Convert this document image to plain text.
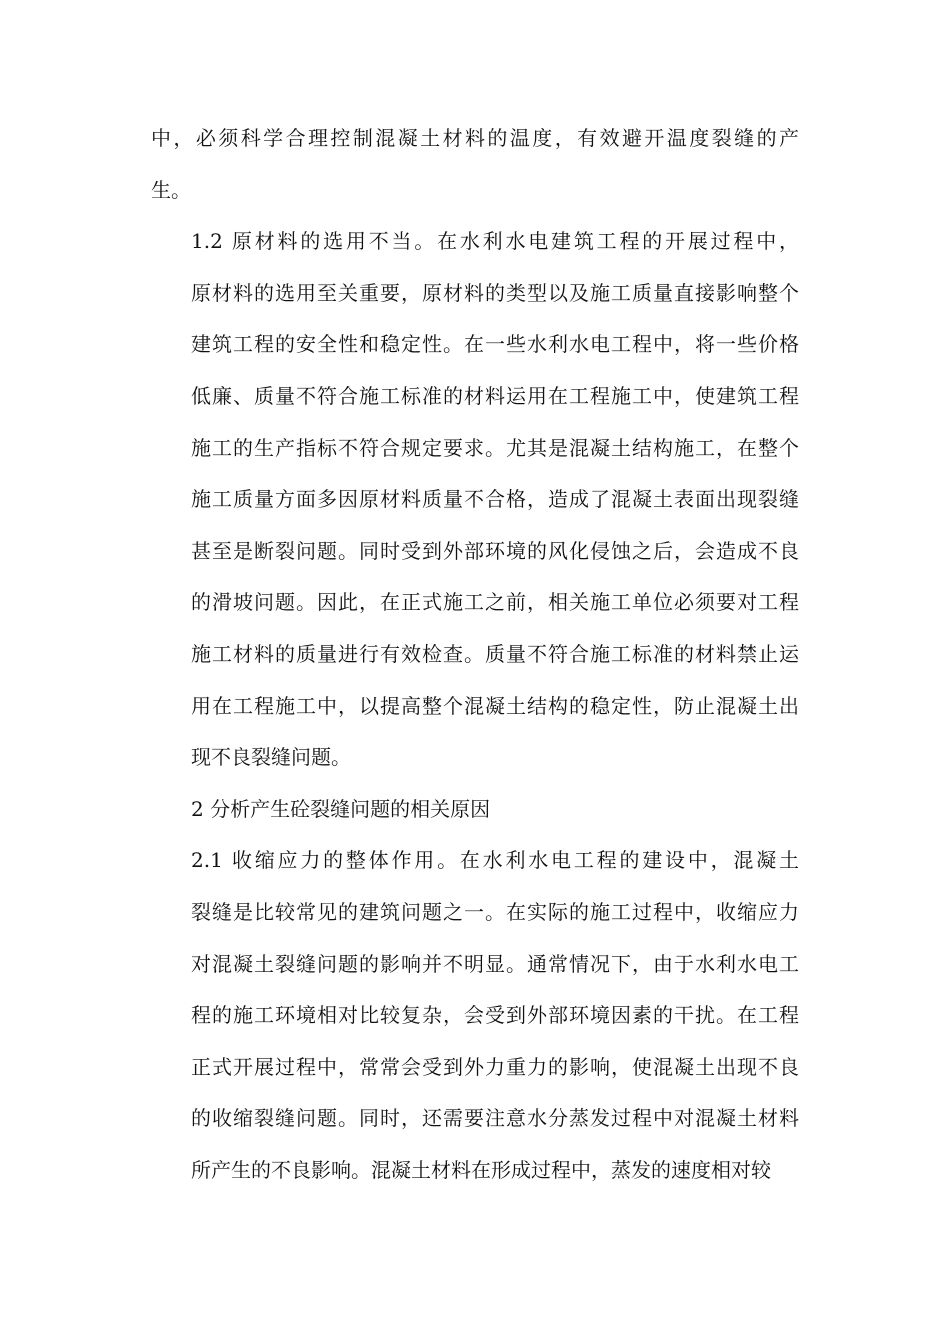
中，必须科学合理控制混凝土材料的温度，有效避开温度裂缝的产
生。

1.2 原材料的选用不当。在水利水电建筑工程的开展过程中，
原材料的选用至关重要，原材料的类型以及施工质量直接影响整个
建筑工程的安全性和稳定性。在一些水利水电工程中，将一些价格
低廉、质量不符合施工标准的材料运用在工程施工中，使建筑工程
施工的生产指标不符合规定要求。尤其是混凝土结构施工，在整个
施工质量方面多因原材料质量不合格，造成了混凝土表面出现裂缝
甚至是断裂问题。同时受到外部环境的风化侵蚀之后，会造成不良
的滑坡问题。因此，在正式施工之前，相关施工单位必须要对工程
施工材料的质量进行有效检查。质量不符合施工标准的材料禁止运
用在工程施工中，以提高整个混凝土结构的稳定性，防止混凝土出
现不良裂缝问题。

2 分析产生砼裂缝问题的相关原因

2.1 收缩应力的整体作用。在水利水电工程的建设中，混凝土
裂缝是比较常见的建筑问题之一。在实际的施工过程中，收缩应力
对混凝土裂缝问题的影响并不明显。通常情况下，由于水利水电工
程的施工环境相对比较复杂，会受到外部环境因素的干扰。在工程
正式开展过程中，常常会受到外力重力的影响，使混凝土出现不良
的收缩裂缝问题。同时，还需要注意水分蒸发过程中对混凝土材料
所产生的不良影响。混凝土材料在形成过程中，蒸发的速度相对较
